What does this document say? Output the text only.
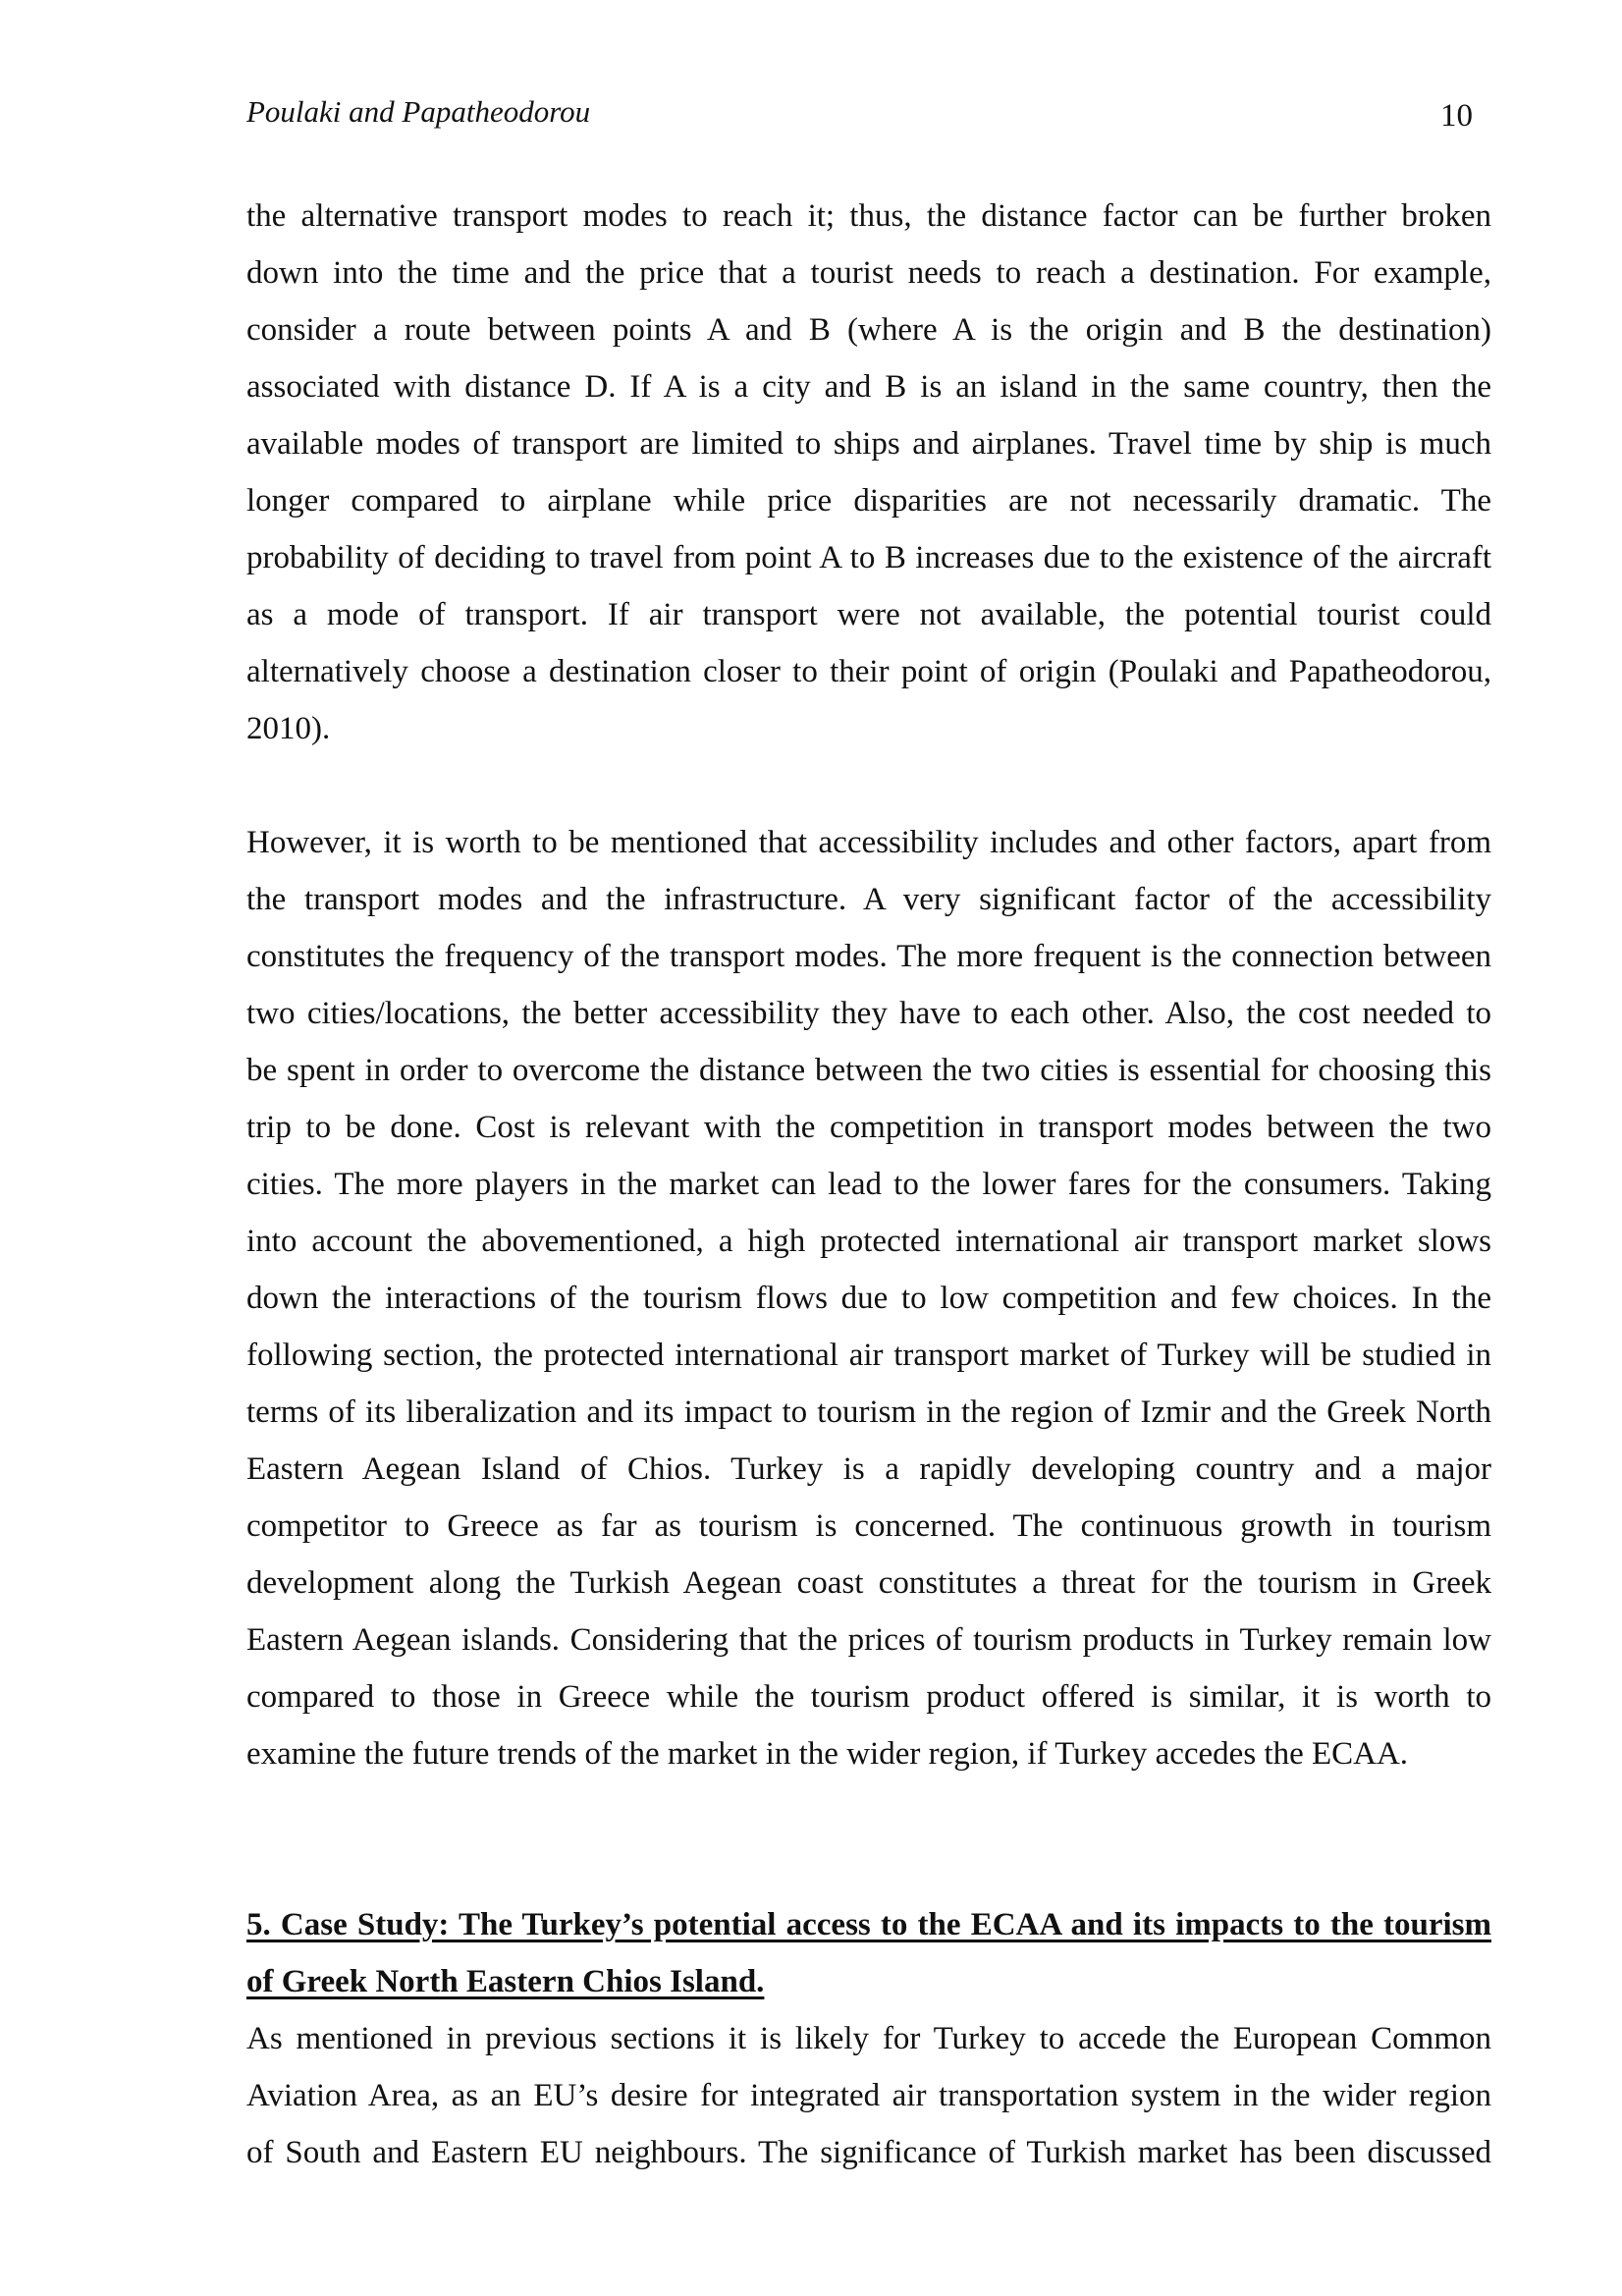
Poulaki and Papatheodorou	10
the alternative transport modes to reach it; thus, the distance factor can be further broken
down into the time and the price that a tourist needs to reach a destination. For example,
consider a route between points A and B (where A is the origin and B the destination)
associated with distance D. If A is a city and B is an island in the same country, then the
available modes of transport are limited to ships and airplanes. Travel time by ship is much
longer compared to airplane while price disparities are not necessarily dramatic. The
probability of deciding to travel from point A to B increases due to the existence of the aircraft
as a mode of transport. If air transport were not available, the potential tourist could
alternatively choose a destination closer to their point of origin (Poulaki and Papatheodorou,
2010).
However, it is worth to be mentioned that accessibility includes and other factors, apart from
the transport modes and the infrastructure. A very significant factor of the accessibility
constitutes the frequency of the transport modes. The more frequent is the connection between
two cities/locations, the better accessibility they have to each other. Also, the cost needed to
be spent in order to overcome the distance between the two cities is essential for choosing this
trip to be done. Cost is relevant with the competition in transport modes between the two
cities. The more players in the market can lead to the lower fares for the consumers. Taking
into account the abovementioned, a high protected international air transport market slows
down the interactions of the tourism flows due to low competition and few choices. In the
following section, the protected international air transport market of Turkey will be studied in
terms of its liberalization and its impact to tourism in the region of Izmir and the Greek North
Eastern Aegean Island of Chios. Turkey is a rapidly developing country and a major
competitor to Greece as far as tourism is concerned. The continuous growth in tourism
development along the Turkish Aegean coast constitutes a threat for the tourism in Greek
Eastern Aegean islands. Considering that the prices of tourism products in Turkey remain low
compared to those in Greece while the tourism product offered is similar, it is worth to
examine the future trends of the market in the wider region, if Turkey accedes the ECAA.
5. Case Study: The Turkey’s potential access to the ECAA and its impacts to the tourism
of Greek North Eastern Chios Island.
As mentioned in previous sections it is likely for Turkey to accede the European Common
Aviation Area, as an EU’s desire for integrated air transportation system in the wider region
of South and Eastern EU neighbours. The significance of Turkish market has been discussed
